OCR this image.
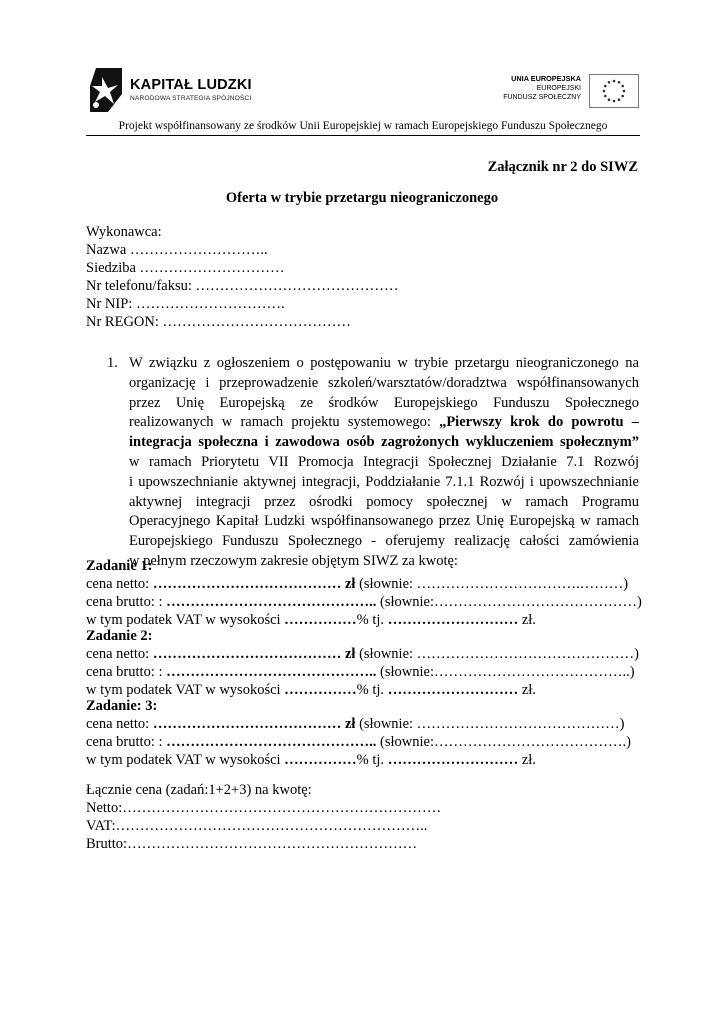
KAPITAŁ LUDZKI
NARODOWA STRATEGIA SPÓJNOŚCI
UNIA EUROPEJSKA
EUROPEJSKI
FUNDUSZ SPOŁECZNY
Projekt współfinansowany ze środków Unii Europejskiej w ramach Europejskiego Funduszu Społecznego
Załącznik nr 2 do SIWZ
Oferta w trybie przetargu nieograniczonego
Wykonawca:
Nazwa ………………………..
Siedziba …………………………
Nr telefonu/faksu: ……………………………………
Nr NIP: ………………………….
Nr REGON: …………………………………
1. W związku z ogłoszeniem o postępowaniu w trybie przetargu nieograniczonego na
organizację i przeprowadzenie szkoleń/warsztatów/doradztwa współfinansowanych
przez Unię Europejską ze środków Europejskiego Funduszu Społecznego
realizowanych w ramach projektu systemowego: „Pierwszy krok do powrotu –
integracja społeczna i zawodowa osób zagrożonych wykluczeniem społecznym”
w ramach Priorytetu VII Promocja Integracji Społecznej Działanie 7.1 Rozwój
i upowszechnianie aktywnej integracji, Poddziałanie 7.1.1 Rozwój i upowszechnianie
aktywnej integracji przez ośrodki pomocy społecznej w ramach Programu
Operacyjnego Kapitał Ludzki współfinansowanego przez Unię Europejską w ramach
Europejskiego Funduszu Społecznego - oferujemy realizację całości zamówienia
w pełnym rzeczowym zakresie objętym SIWZ za kwotę:
Zadanie 1:
cena netto: ………………………………… zł (słownie: …………………………….………)
cena brutto: : …………………………………….. (słownie:……………………………………)
w tym podatek VAT w wysokości ……………% tj. ……………………… zł.
Zadanie 2:
cena netto: ………………………………… zł (słownie: ………………………………………)
cena brutto: : …………………………………….. (słownie:…………………………………..)
w tym podatek VAT w wysokości ……………% tj. ……………………… zł.
Zadanie: 3:
cena netto: ………………………………… zł (słownie: ……………………………………)
cena brutto: : …………………………………….. (słownie:………………………………….)
w tym podatek VAT w wysokości ……………% tj. ……………………… zł.
Łącznie cena (zadań:1+2+3) na kwotę:
Netto:…………………………………………………………
VAT:………………………………………………………..
Brutto:……………………………………………………
